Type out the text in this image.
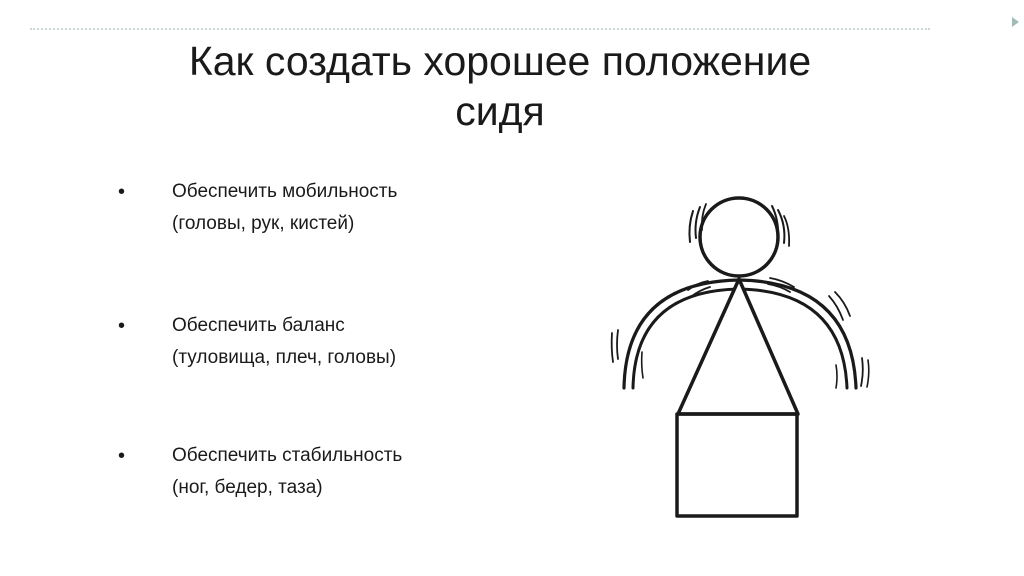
Как создать хорошее положение
сидя
• Обеспечить мобильность
(головы, рук, кистей)
• Обеспечить баланс
(туловища, плеч, головы)
• Обеспечить стабильность
(ног, бедер, таза)
